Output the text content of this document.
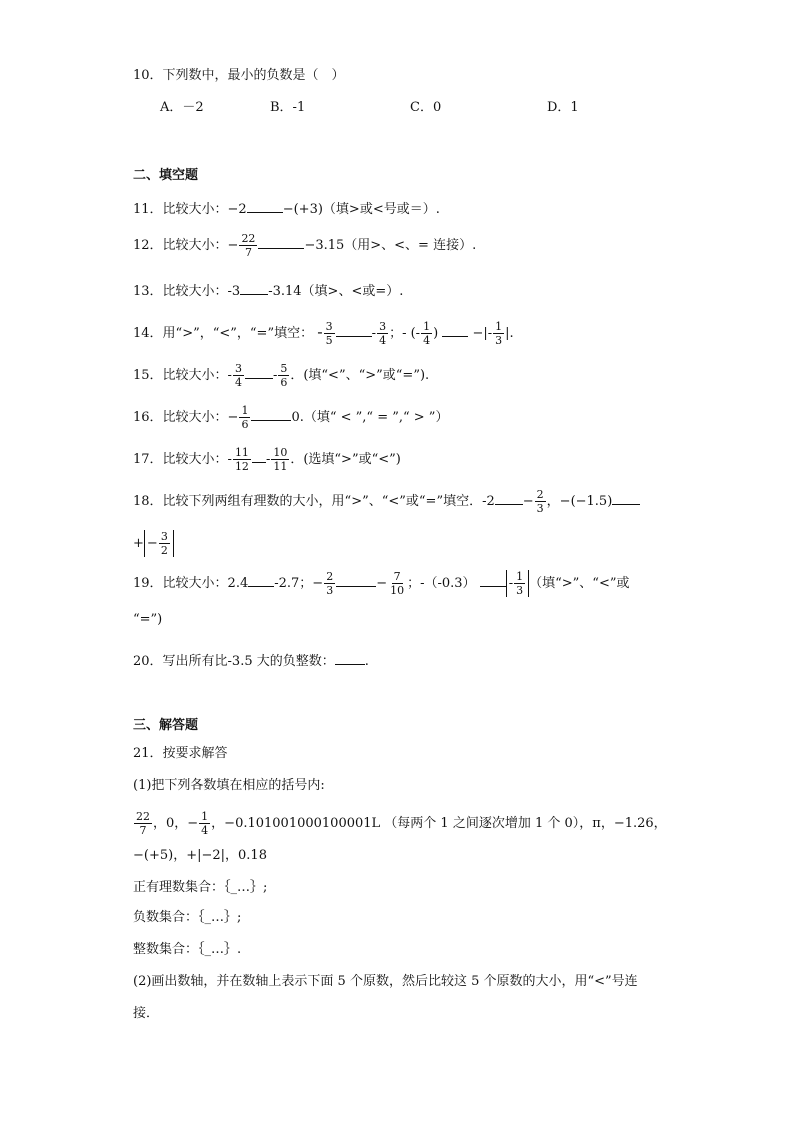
10．下列数中，最小的负数是（　）
A．－2	B．-1	C．0	D．1
二、填空题
11．比较大小：−2	−(+3)（填>或<号或＝）.
12．比较大小：− $\frac{22}{7}$	−3.15（用>、<、= 连接）.
13．比较大小：-3 -3.14（填>、<或=）.
14．用“>”，“<”，“=”填空： - $\frac{3}{5}$	- $\frac{3}{4}$ ；- (- $\frac{1}{4}$ )	−|- $\frac{1}{3}$ |.
15．比较大小：- $\frac{3}{4} - \frac{5}{6}$ ．(填“<”、“>”或“=”).
16．比较大小：− $\frac{1}{6}$	0.（填“ < ”,“ = ”,“ > ”）
17．比较大小：- $\frac{11}{12} - \frac{10}{11}$ ．(选填“>”或“<”)
18．比较下列两组有理数的大小，用“>”、“<”或“=”填空．$-2 - \frac{2}{3}$ ，−(−1.5)
+ − $\frac{3}{2}$
19．比较大小：2.4 -2.7；− $\frac{2}{3}$	− $\frac{7}{10}$ ；-（-0.3）	- $\frac{1}{3}$ （填“>”、“<”或
“=”)
20．写出所有比-3.5 大的负整数： .
三、解答题
21．按要求解答
(1)把下列各数填在相应的括号内:
$\frac{22}{7}$ ，0，− $\frac{1}{4}$ ，−0.101001000100001L （每两个 1 之间逐次增加 1 个 0），π，−1.26，
−(+5)，+|−2|，0.18
正有理数集合：｛_…｝;
负数集合：｛_…｝;
整数集合：｛_…｝.
(2)画出数轴，并在数轴上表示下面 5 个原数，然后比较这 5 个原数的大小，用“<”号连
接．
